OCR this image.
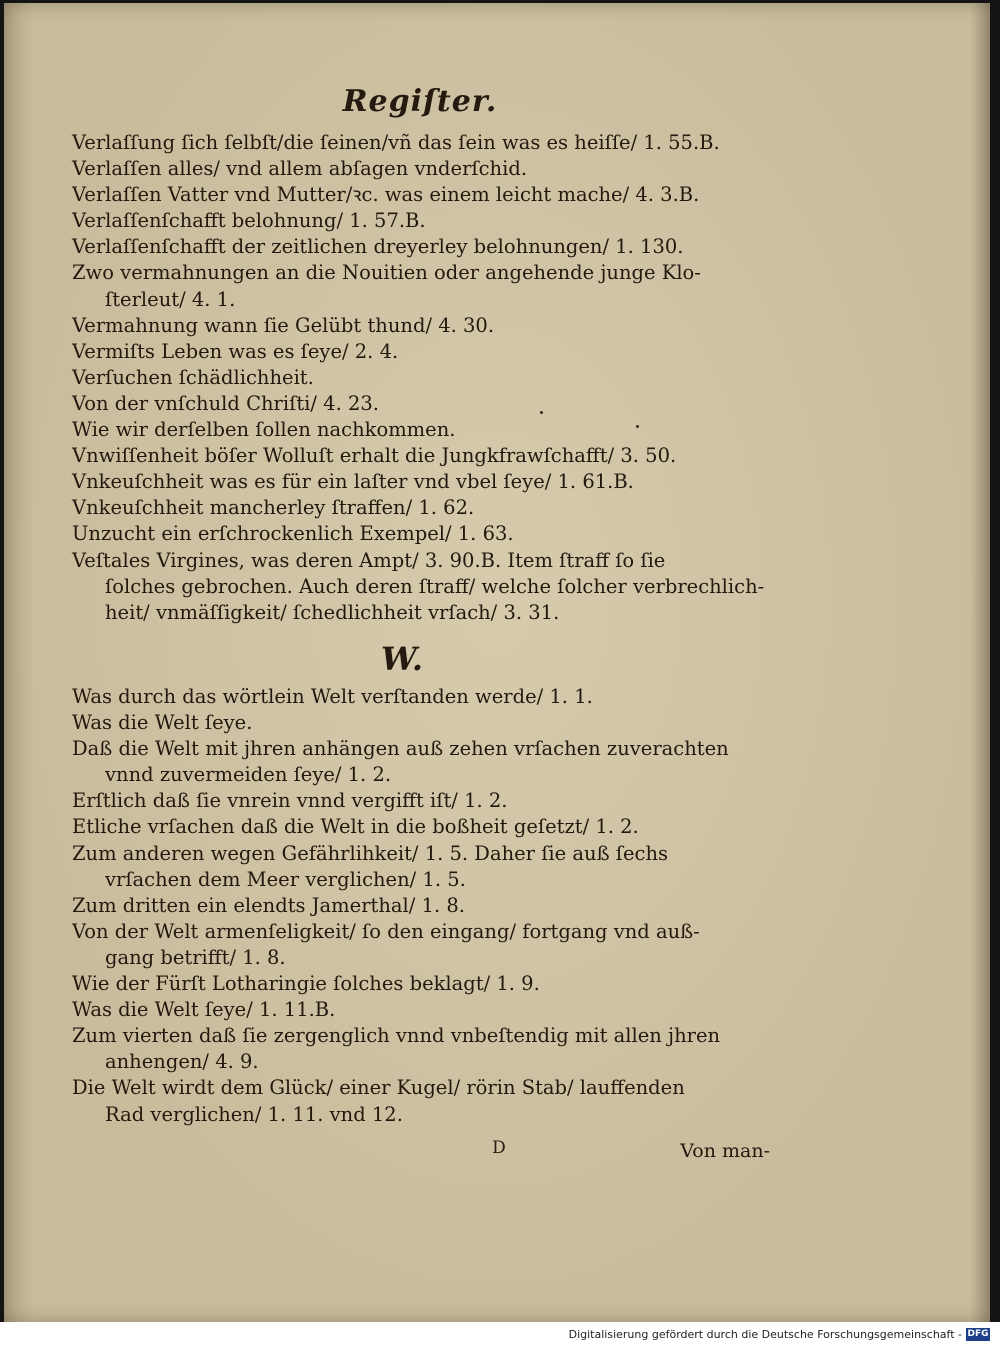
Regiſter.
Verlaſſung ſich ſelbſt/die ſeinen/vñ das ſein was es heiſſe/ 1. 55.B.
Verlaſſen alles/ vnd allem abſagen vnderſchid.
Verlaſſen Vatter vnd Mutter/ꝛc. was einem leicht mache/ 4. 3.B.
Verlaſſenſchafft belohnung/ 1. 57.B.
Verlaſſenſchafft der zeitlichen dreyerley belohnungen/ 1. 130.
Zwo vermahnungen an die Nouitien oder angehende junge Klo-
ſterleut/ 4. 1.
Vermahnung wann ſie Gelübt thund/ 4. 30.
Vermiſts Leben was es ſeye/ 2. 4.
Verſuchen ſchädlichheit.
Von der vnſchuld Chriſti/ 4. 23.
Wie wir derſelben ſollen nachkommen.
Vnwiſſenheit böſer Wolluſt erhalt die Jungkfrawſchafft/ 3. 50.
Vnkeuſchheit was es für ein laſter vnd vbel ſeye/ 1. 61.B.
Vnkeuſchheit mancherley ſtraffen/ 1. 62.
Unzucht ein erſchrockenlich Exempel/ 1. 63.
Veſtales Virgines, was deren Ampt/ 3. 90.B. Item ſtraff ſo ſie
ſolches gebrochen. Auch deren ſtraff/ welche ſolcher verbrechlich-
heit/ vnmäſſigkeit/ ſchedlichheit vrſach/ 3. 31.
W.
Was durch das wörtlein Welt verſtanden werde/ 1. 1.
Was die Welt ſeye.
Daß die Welt mit jhren anhängen auß zehen vrſachen zuverachten
vnnd zuvermeiden ſeye/ 1. 2.
Erſtlich daß ſie vnrein vnnd vergifft iſt/ 1. 2.
Etliche vrſachen daß die Welt in die boßheit geſetzt/ 1. 2.
Zum anderen wegen Gefährlihkeit/ 1. 5. Daher ſie auß ſechs
vrſachen dem Meer verglichen/ 1. 5.
Zum dritten ein elendts Jamerthal/ 1. 8.
Von der Welt armenſeligkeit/ ſo den eingang/ fortgang vnd auß-
gang betrifft/ 1. 8.
Wie der Fürſt Lotharingie ſolches beklagt/ 1. 9.
Was die Welt ſeye/ 1. 11.B.
Zum vierten daß ſie zergenglich vnnd vnbeſtendig mit allen jhren
anhengen/ 4. 9.
Die Welt wirdt dem Glück/ einer Kugel/ rörin Stab/ lauffenden
Rad verglichen/ 1. 11. vnd 12.
D	Von man-
Digitalisierung gefördert durch die Deutsche Forschungsgemeinschaft - DFG
